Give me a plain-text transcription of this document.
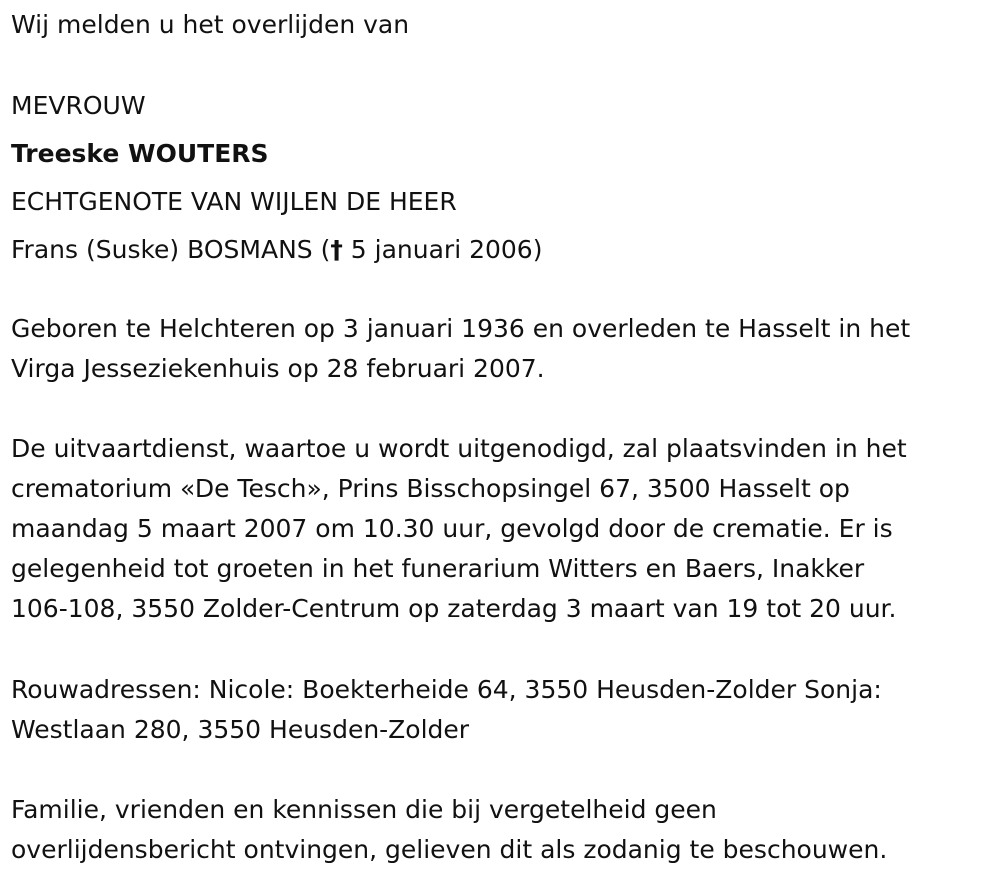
Wij melden u het overlijden van
MEVROUW
Treeske WOUTERS
ECHTGENOTE VAN WIJLEN DE HEER
Frans (Suske) BOSMANS († 5 januari 2006)
Geboren te Helchteren op 3 januari 1936 en overleden te Hasselt in het
Virga Jesseziekenhuis op 28 februari 2007.
De uitvaartdienst, waartoe u wordt uitgenodigd, zal plaatsvinden in het
crematorium «De Tesch», Prins Bisschopsingel 67, 3500 Hasselt op
maandag 5 maart 2007 om 10.30 uur, gevolgd door de crematie. Er is
gelegenheid tot groeten in het funerarium Witters en Baers, Inakker
106-108, 3550 Zolder-Centrum op zaterdag 3 maart van 19 tot 20 uur.
Rouwadressen: Nicole: Boekterheide 64, 3550 Heusden-Zolder Sonja:
Westlaan 280, 3550 Heusden-Zolder
Familie, vrienden en kennissen die bij vergetelheid geen
overlijdensbericht ontvingen, gelieven dit als zodanig te beschouwen.
